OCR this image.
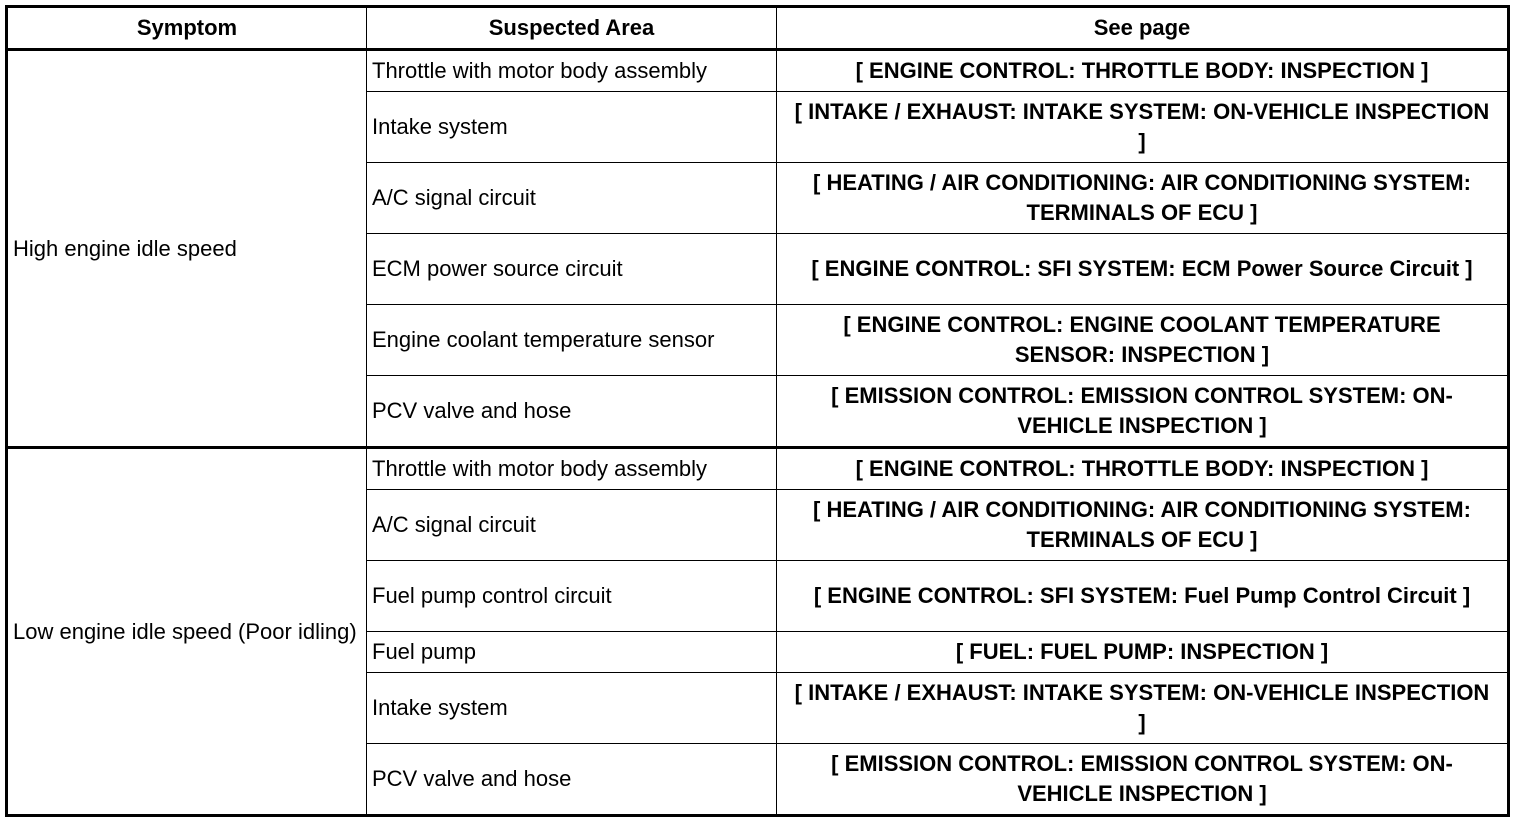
Symptom	Suspected Area	See page
High engine idle speed	Throttle with motor body assembly	[ ENGINE CONTROL: THROTTLE BODY: INSPECTION ]
	Intake system	[ INTAKE / EXHAUST: INTAKE SYSTEM: ON-VEHICLE INSPECTION ]
	A/C signal circuit	[ HEATING / AIR CONDITIONING: AIR CONDITIONING SYSTEM: TERMINALS OF ECU ]
	ECM power source circuit	[ ENGINE CONTROL: SFI SYSTEM: ECM Power Source Circuit ]
	Engine coolant temperature sensor	[ ENGINE CONTROL: ENGINE COOLANT TEMPERATURE SENSOR: INSPECTION ]
	PCV valve and hose	[ EMISSION CONTROL: EMISSION CONTROL SYSTEM: ON-VEHICLE INSPECTION ]
Low engine idle speed (Poor idling)	Throttle with motor body assembly	[ ENGINE CONTROL: THROTTLE BODY: INSPECTION ]
	A/C signal circuit	[ HEATING / AIR CONDITIONING: AIR CONDITIONING SYSTEM: TERMINALS OF ECU ]
	Fuel pump control circuit	[ ENGINE CONTROL: SFI SYSTEM: Fuel Pump Control Circuit ]
	Fuel pump	[ FUEL: FUEL PUMP: INSPECTION ]
	Intake system	[ INTAKE / EXHAUST: INTAKE SYSTEM: ON-VEHICLE INSPECTION ]
	PCV valve and hose	[ EMISSION CONTROL: EMISSION CONTROL SYSTEM: ON-VEHICLE INSPECTION ]
